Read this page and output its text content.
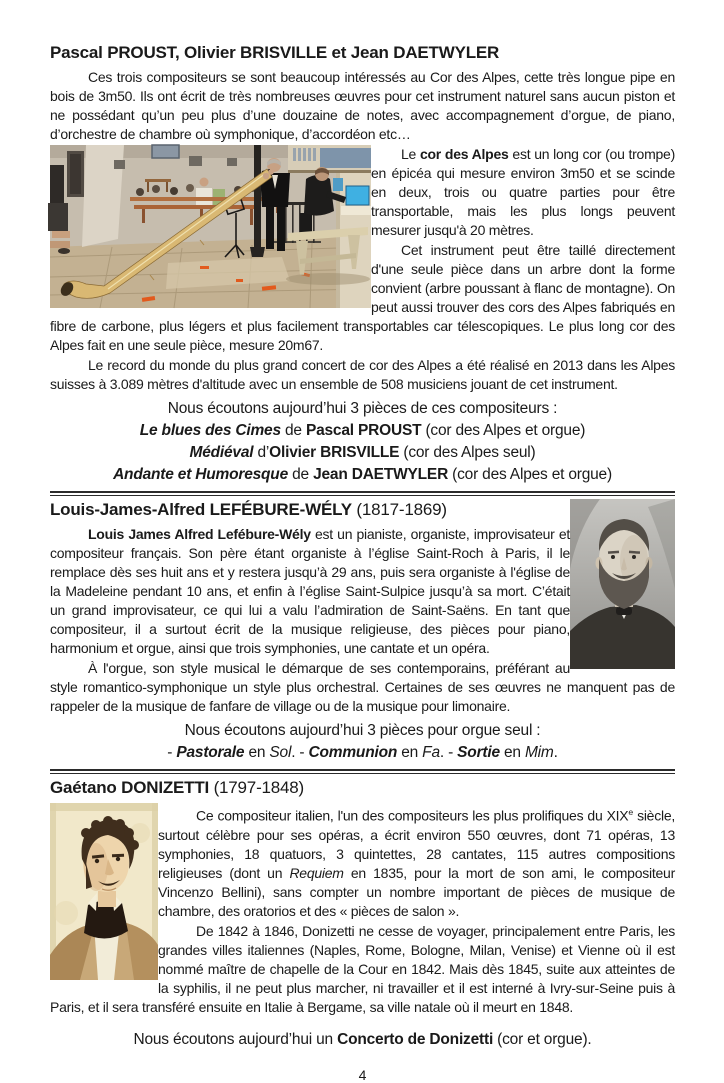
Pascal PROUST, Olivier BRISVILLE et Jean DAETWYLER

Ces trois compositeurs se sont beaucoup intéressés au Cor des Alpes, cette très longue pipe en bois de 3m50. Ils ont écrit de très nombreuses œuvres pour cet instrument naturel sans aucun piston et ne possédant qu’un peu plus d’une douzaine de notes, avec accompagnement d’orgue, de piano, d’orchestre de chambre où symphonique, d’accordéon etc…

Le cor des Alpes est un long cor (ou trompe) en épicéa qui mesure environ 3m50 et se scinde en deux, trois ou quatre parties pour être transportable, mais les plus longs peuvent mesurer jusqu'à 20 mètres.

Cet instrument peut être taillé directement d'une seule pièce dans un arbre dont la forme convient (arbre poussant à flanc de montagne). On peut aussi trouver des cors des Alpes fabriqués en fibre de carbone, plus légers et plus facilement transportables car télescopiques. Le plus long cor des Alpes fait en une seule pièce, mesure 20m67.

Le record du monde du plus grand concert de cor des Alpes a été réalisé en 2013 dans les Alpes suisses à 3.089 mètres d'altitude avec un ensemble de 508 musiciens jouant de cet instrument.

Nous écoutons aujourd’hui 3 pièces de ces compositeurs :

Le blues des Cimes de Pascal PROUST (cor des Alpes et orgue)

Médiéval d’Olivier BRISVILLE (cor des Alpes seul)

Andante et Humoresque de Jean DAETWYLER (cor des Alpes et orgue)

Louis-James-Alfred LEFÉBURE-WÉLY (1817-1869)

Louis James Alfred Lefébure-Wély est un pianiste, organiste, improvisateur et compositeur français. Son père étant organiste à l’église Saint-Roch à Paris, il le remplace dès ses huit ans et y restera jusqu’à 29 ans, puis sera organiste à l'église de la Madeleine pendant 10 ans, et enfin à l’église Saint-Sulpice jusqu’à sa mort. C’était un grand improvisateur, ce qui lui a valu l’admiration de Saint-Saëns. En tant que compositeur, il a surtout écrit de la musique religieuse, des pièces pour piano, harmonium et orgue, ainsi que trois symphonies, une cantate et un opéra.

À l'orgue, son style musical le démarque de ses contemporains, préférant au style romantico-symphonique un style plus orchestral. Certaines de ses œuvres ne manquent pas de rappeler de la musique de fanfare de village ou de la musique pour limonaire.

Nous écoutons aujourd’hui 3 pièces pour orgue seul :

- Pastorale en Sol. - Communion en Fa. - Sortie en Mim.

Gaétano DONIZETTI (1797-1848)

Ce compositeur italien, l'un des compositeurs les plus prolifiques du XIXe siècle, surtout célèbre pour ses opéras, a écrit environ 550 œuvres, dont 71 opéras, 13 symphonies, 18 quatuors, 3 quintettes, 28 cantates, 115 autres compositions religieuses (dont un Requiem en 1835, pour la mort de son ami, le compositeur Vincenzo Bellini), sans compter un nombre important de pièces de musique de chambre, des oratorios et des « pièces de salon ».

De 1842 à 1846, Donizetti ne cesse de voyager, principalement entre Paris, les grandes villes italiennes (Naples, Rome, Bologne, Milan, Venise) et Vienne où il est nommé maître de chapelle de la Cour en 1842. Mais dès 1845, suite aux atteintes de la syphilis, il ne peut plus marcher, ni travailler et il est interné à Ivry-sur-Seine puis à Paris, et il sera transféré ensuite en Italie à Bergame, sa ville natale où il meurt en 1848.

Nous écoutons aujourd’hui un Concerto de Donizetti (cor et orgue).

4
